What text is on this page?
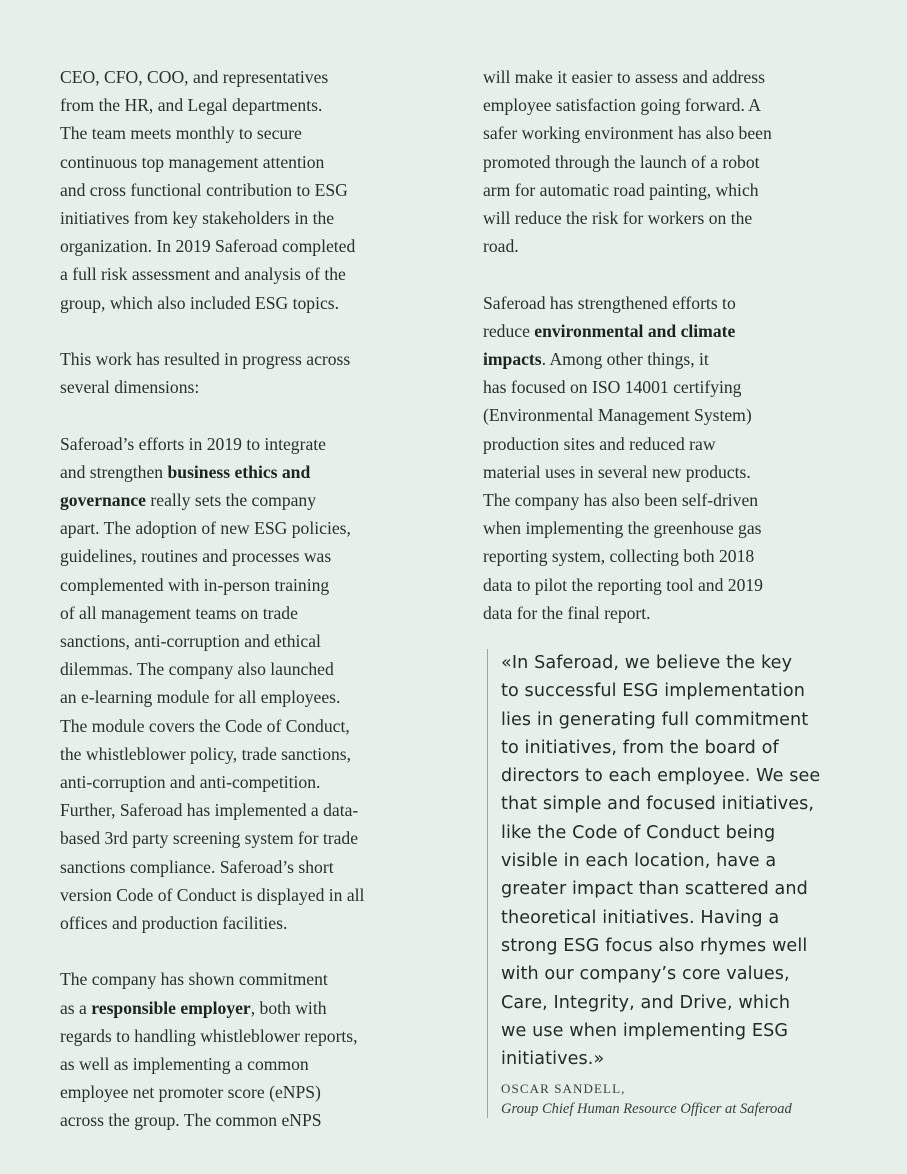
CEO, CFO, COO, and representatives
from the HR, and Legal departments.
The team meets monthly to secure
continuous top management attention
and cross functional contribution to ESG
initiatives from key stakeholders in the
organization. In 2019 Saferoad completed
a full risk assessment and analysis of the
group, which also included ESG topics.

This work has resulted in progress across
several dimensions:

Saferoad’s efforts in 2019 to integrate
and strengthen business ethics and
governance really sets the company
apart. The adoption of new ESG policies,
guidelines, routines and processes was
complemented with in-person training
of all management teams on trade
sanctions, anti-corruption and ethical
dilemmas. The company also launched
an e-learning module for all employees.
The module covers the Code of Conduct,
the whistleblower policy, trade sanctions,
anti-corruption and anti-competition.
Further, Saferoad has implemented a data-
based 3rd party screening system for trade
sanctions compliance. Saferoad’s short
version Code of Conduct is displayed in all
offices and production facilities.

The company has shown commitment
as a responsible employer, both with
regards to handling whistleblower reports,
as well as implementing a common
employee net promoter score (eNPS)
across the group. The common eNPS

will make it easier to assess and address
employee satisfaction going forward. A
safer working environment has also been
promoted through the launch of a robot
arm for automatic road painting, which
will reduce the risk for workers on the
road.

Saferoad has strengthened efforts to
reduce environmental and climate
impacts. Among other things, it
has focused on ISO 14001 certifying
(Environmental Management System)
production sites and reduced raw
material uses in several new products.
The company has also been self-driven
when implementing the greenhouse gas
reporting system, collecting both 2018
data to pilot the reporting tool and 2019
data for the final report.

«In Saferoad, we believe the key
to successful ESG implementation
lies in generating full commitment
to initiatives, from the board of
directors to each employee. We see
that simple and focused initiatives,
like the Code of Conduct being
visible in each location, have a
greater impact than scattered and
theoretical initiatives. Having a
strong ESG focus also rhymes well
with our company’s core values,
Care, Integrity, and Drive, which
we use when implementing ESG
initiatives.»

OSCAR SANDELL,
Group Chief Human Resource Officer at Saferoad
